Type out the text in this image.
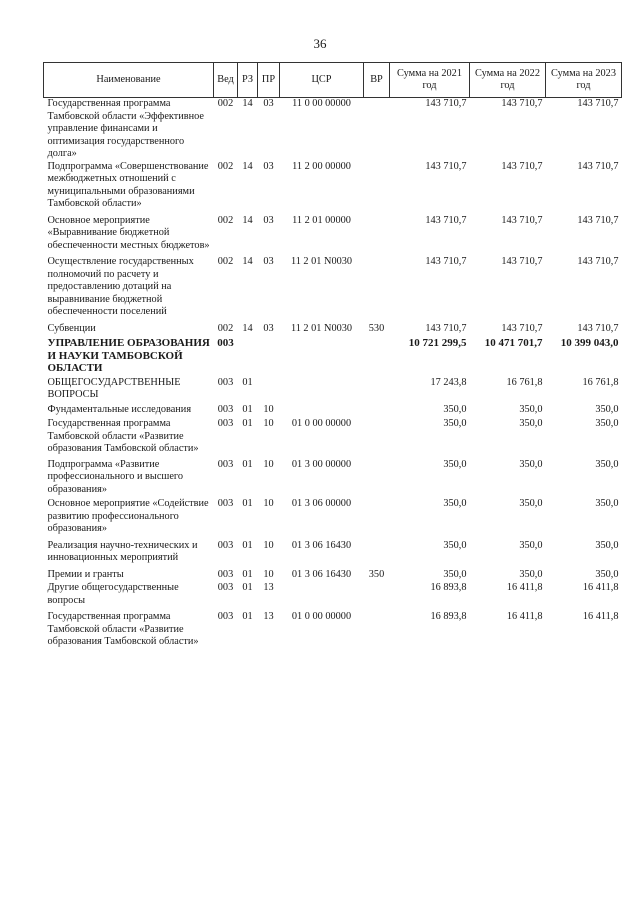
36
Наименование	Вед	РЗ	ПР	ЦСР	ВР	Сумма на 2021 год	Сумма на 2022 год	Сумма на 2023 год
Государственная программа Тамбовской области «Эффективное управление финансами и оптимизация государственного долга»	002	14	03	11 0 00 00000		143 710,7	143 710,7	143 710,7
Подпрограмма «Совершенствование межбюджетных отношений с муниципальными образованиями Тамбовской области»	002	14	03	11 2 00 00000		143 710,7	143 710,7	143 710,7
Основное мероприятие «Выравнивание бюджетной обеспеченности местных бюджетов»	002	14	03	11 2 01 00000		143 710,7	143 710,7	143 710,7
Осуществление государственных полномочий по расчету и предоставлению дотаций на выравнивание бюджетной обеспеченности поселений	002	14	03	11 2 01 N0030		143 710,7	143 710,7	143 710,7
Субвенции	002	14	03	11 2 01 N0030	530	143 710,7	143 710,7	143 710,7
УПРАВЛЕНИЕ ОБРАЗОВАНИЯ И НАУКИ ТАМБОВСКОЙ ОБЛАСТИ	003					10 721 299,5	10 471 701,7	10 399 043,0
ОБЩЕГОСУДАРСТВЕННЫЕ ВОПРОСЫ	003	01				17 243,8	16 761,8	16 761,8
Фундаментальные исследования	003	01	10			350,0	350,0	350,0
Государственная программа Тамбовской области «Развитие образования Тамбовской области»	003	01	10	01 0 00 00000		350,0	350,0	350,0
Подпрограмма «Развитие профессионального и высшего образования»	003	01	10	01 3 00 00000		350,0	350,0	350,0
Основное мероприятие «Содействие развитию профессионального образования»	003	01	10	01 3 06 00000		350,0	350,0	350,0
Реализация научно-технических и инновационных мероприятий	003	01	10	01 3 06 16430		350,0	350,0	350,0
Премии и гранты	003	01	10	01 3 06 16430	350	350,0	350,0	350,0
Другие общегосударственные вопросы	003	01	13			16 893,8	16 411,8	16 411,8
Государственная программа Тамбовской области «Развитие образования Тамбовской области»	003	01	13	01 0 00 00000		16 893,8	16 411,8	16 411,8
